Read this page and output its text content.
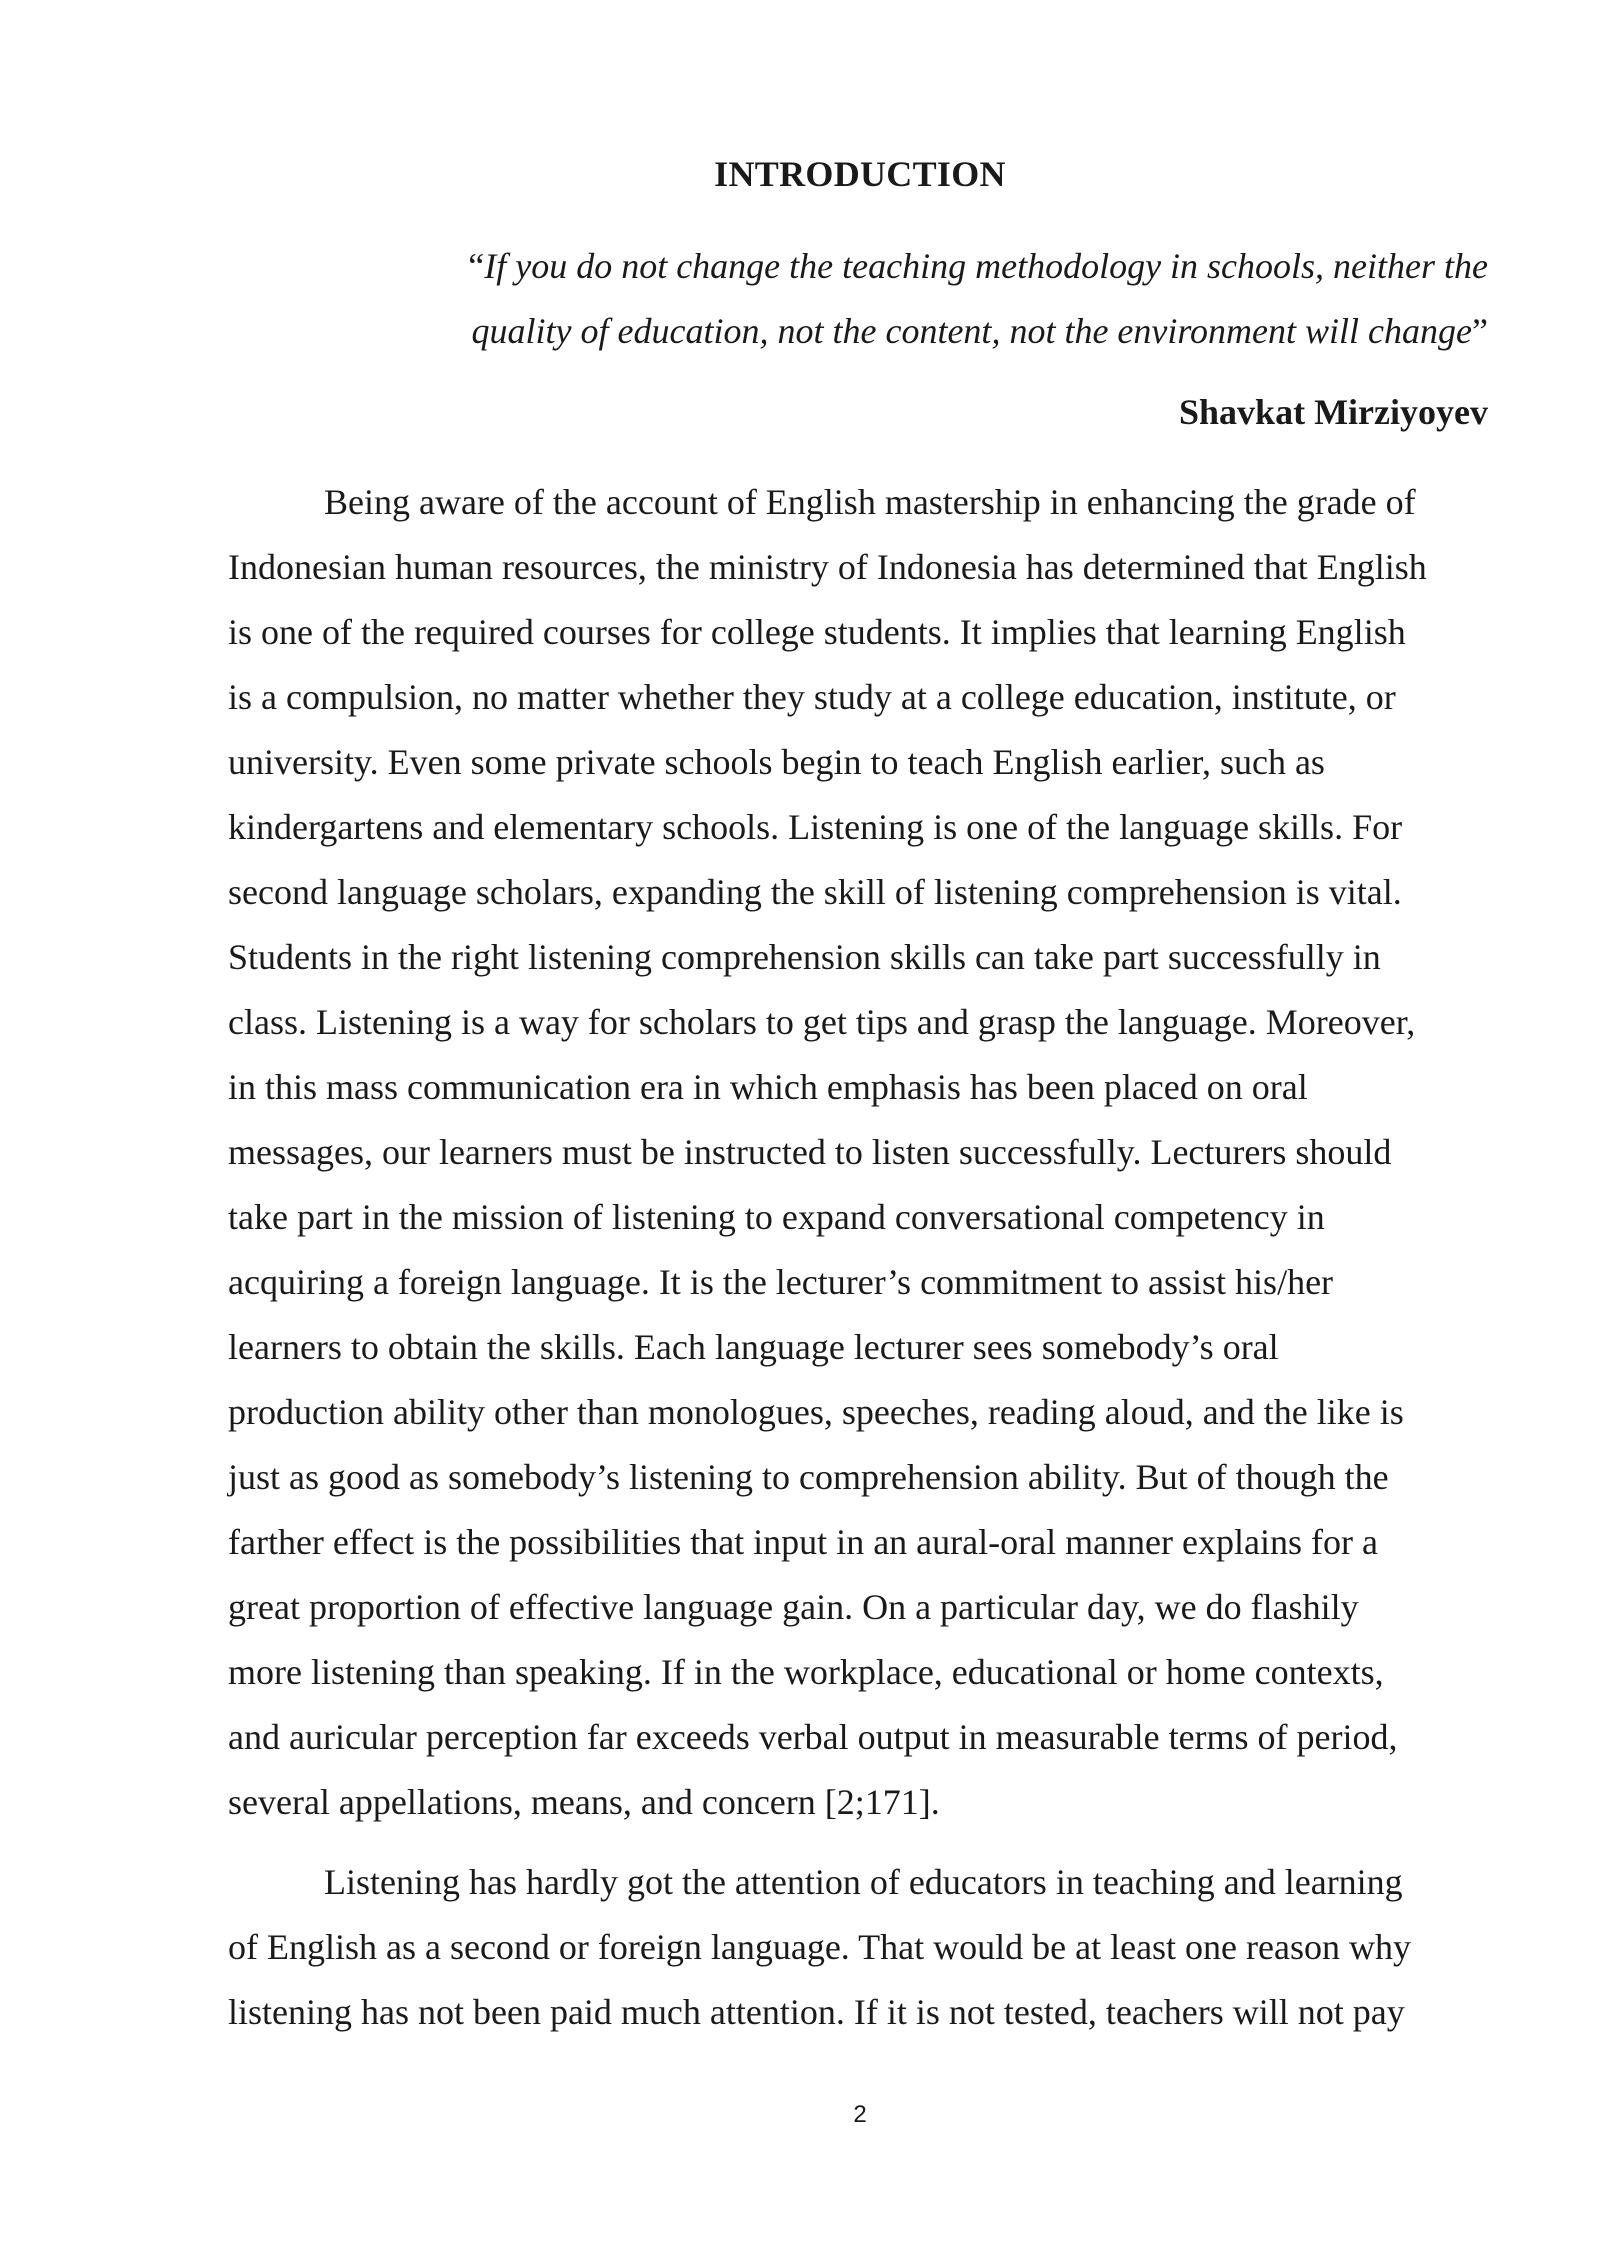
INTRODUCTION
“If you do not change the teaching methodology in schools, neither the
quality of education, not the content, not the environment will change”
Shavkat Mirziyoyev
Being aware of the account of English mastership in enhancing the grade of
Indonesian human resources, the ministry of Indonesia has determined that English
is one of the required courses for college students. It implies that learning English
is a compulsion, no matter whether they study at a college education, institute, or
university. Even some private schools begin to teach English earlier, such as
kindergartens and elementary schools. Listening is one of the language skills. For
second language scholars, expanding the skill of listening comprehension is vital.
Students in the right listening comprehension skills can take part successfully in
class. Listening is a way for scholars to get tips and grasp the language. Moreover,
in this mass communication era in which emphasis has been placed on oral
messages, our learners must be instructed to listen successfully. Lecturers should
take part in the mission of listening to expand conversational competency in
acquiring a foreign language. It is the lecturer’s commitment to assist his/her
learners to obtain the skills. Each language lecturer sees somebody’s oral
production ability other than monologues, speeches, reading aloud, and the like is
just as good as somebody’s listening to comprehension ability. But of though the
farther effect is the possibilities that input in an aural-oral manner explains for a
great proportion of effective language gain. On a particular day, we do flashily
more listening than speaking. If in the workplace, educational or home contexts,
and auricular perception far exceeds verbal output in measurable terms of period,
several appellations, means, and concern [2;171].
Listening has hardly got the attention of educators in teaching and learning
of English as a second or foreign language. That would be at least one reason why
listening has not been paid much attention. If it is not tested, teachers will not pay
2
